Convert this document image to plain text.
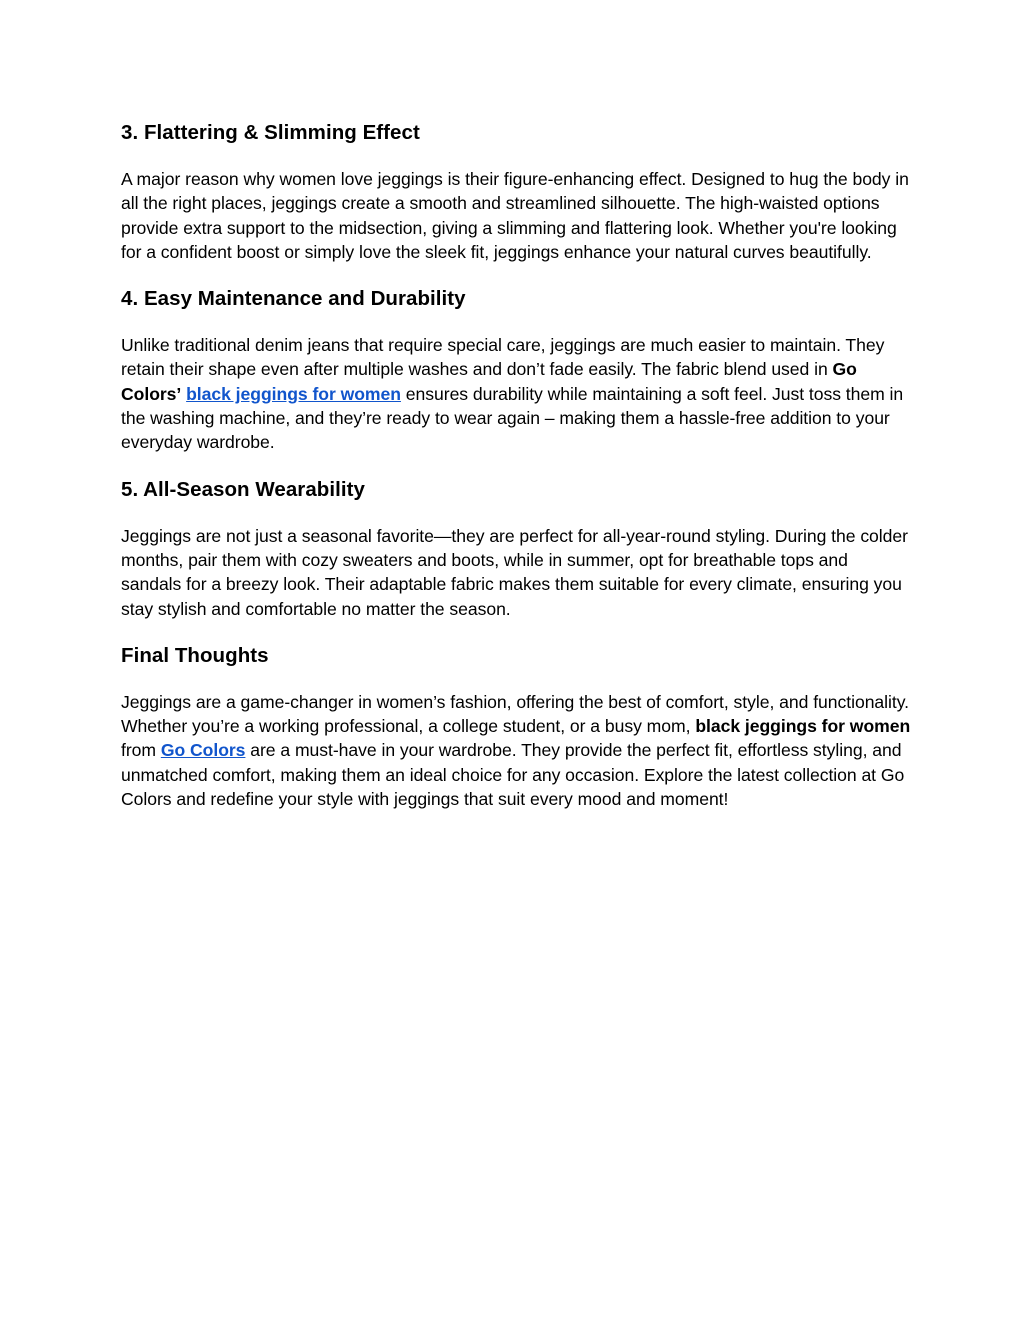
3. Flattering & Slimming Effect

A major reason why women love jeggings is their figure-enhancing effect. Designed to hug the body in all the right places, jeggings create a smooth and streamlined silhouette. The high-waisted options provide extra support to the midsection, giving a slimming and flattering look. Whether you're looking for a confident boost or simply love the sleek fit, jeggings enhance your natural curves beautifully.

4. Easy Maintenance and Durability

Unlike traditional denim jeans that require special care, jeggings are much easier to maintain. They retain their shape even after multiple washes and don’t fade easily. The fabric blend used in Go Colors’ black jeggings for women ensures durability while maintaining a soft feel. Just toss them in the washing machine, and they’re ready to wear again – making them a hassle-free addition to your everyday wardrobe.

5. All-Season Wearability

Jeggings are not just a seasonal favorite—they are perfect for all-year-round styling. During the colder months, pair them with cozy sweaters and boots, while in summer, opt for breathable tops and sandals for a breezy look. Their adaptable fabric makes them suitable for every climate, ensuring you stay stylish and comfortable no matter the season.

Final Thoughts

Jeggings are a game-changer in women’s fashion, offering the best of comfort, style, and functionality. Whether you’re a working professional, a college student, or a busy mom, black jeggings for women from Go Colors are a must-have in your wardrobe. They provide the perfect fit, effortless styling, and unmatched comfort, making them an ideal choice for any occasion. Explore the latest collection at Go Colors and redefine your style with jeggings that suit every mood and moment!
